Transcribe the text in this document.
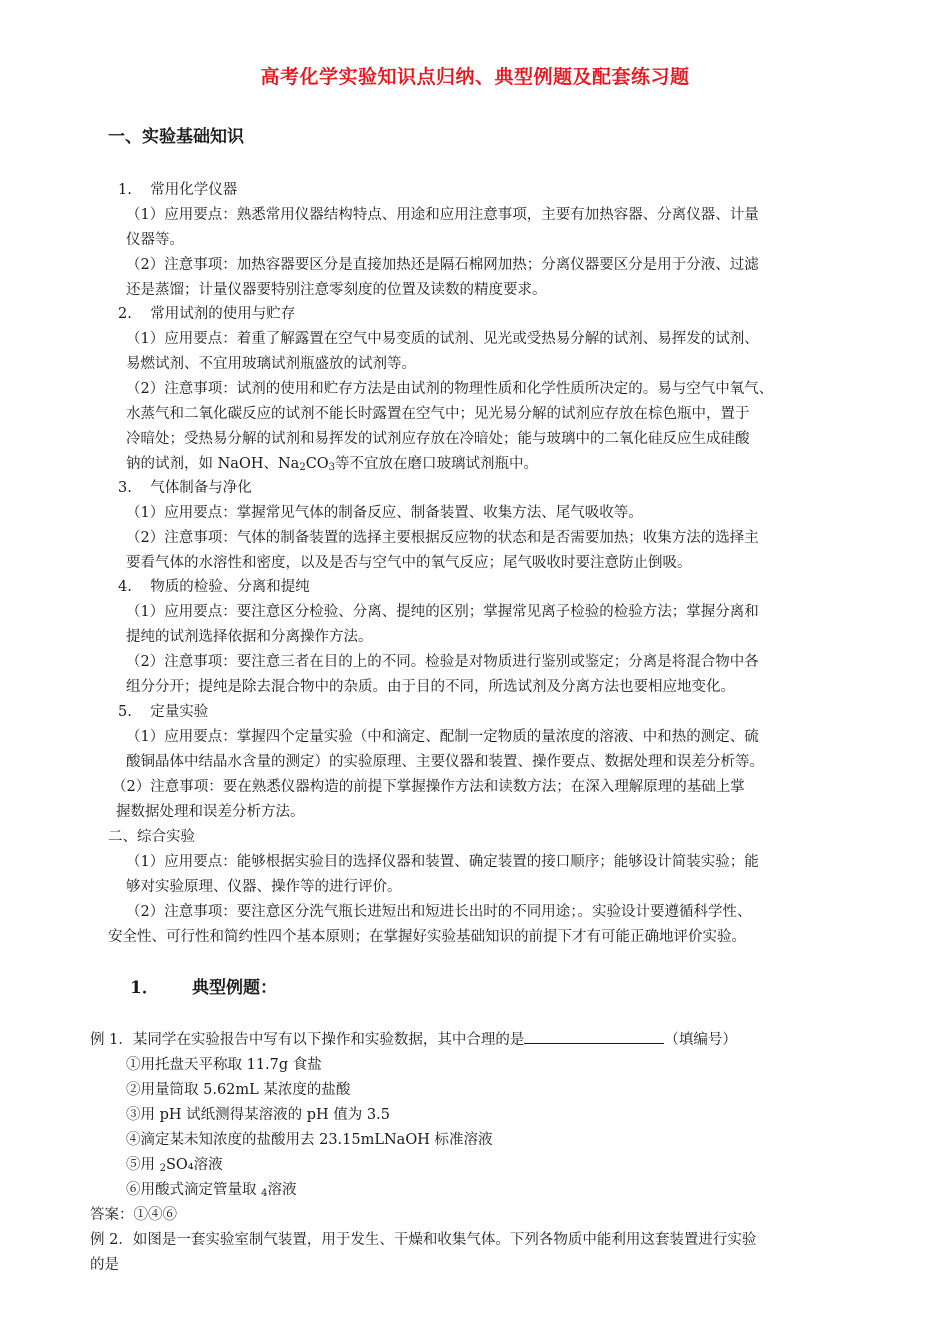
高考化学实验知识点归纳、典型例题及配套练习题
一、实验基础知识
1. 常用化学仪器
（1）应用要点：熟悉常用仪器结构特点、用途和应用注意事项，主要有加热容器、分离仪器、计量
仪器等。
（2）注意事项：加热容器要区分是直接加热还是隔石棉网加热；分离仪器要区分是用于分液、过滤
还是蒸馏；计量仪器要特别注意零刻度的位置及读数的精度要求。
2. 常用试剂的使用与贮存
（1）应用要点：着重了解露置在空气中易变质的试剂、见光或受热易分解的试剂、易挥发的试剂、
易燃试剂、不宜用玻璃试剂瓶盛放的试剂等。
（2）注意事项：试剂的使用和贮存方法是由试剂的物理性质和化学性质所决定的。易与空气中氧气、
水蒸气和二氧化碳反应的试剂不能长时露置在空气中；见光易分解的试剂应存放在棕色瓶中，置于
冷暗处；受热易分解的试剂和易挥发的试剂应存放在冷暗处；能与玻璃中的二氧化硅反应生成硅酸
钠的试剂，如 NaOH、$Na_2CO_3$等不宜放在磨口玻璃试剂瓶中。
3. 气体制备与净化
（1）应用要点：掌握常见气体的制备反应、制备装置、收集方法、尾气吸收等。
（2）注意事项：气体的制备装置的选择主要根据反应物的状态和是否需要加热；收集方法的选择主
要看气体的水溶性和密度，以及是否与空气中的氧气反应；尾气吸收时要注意防止倒吸。
4. 物质的检验、分离和提纯
（1）应用要点：要注意区分检验、分离、提纯的区别；掌握常见离子检验的检验方法；掌握分离和
提纯的试剂选择依据和分离操作方法。
（2）注意事项：要注意三者在目的上的不同。检验是对物质进行鉴别或鉴定；分离是将混合物中各
组分分开；提纯是除去混合物中的杂质。由于目的不同，所选试剂及分离方法也要相应地变化。
5. 定量实验
（1）应用要点：掌握四个定量实验（中和滴定、配制一定物质的量浓度的溶液、中和热的测定、硫
酸铜晶体中结晶水含量的测定）的实验原理、主要仪器和装置、操作要点、数据处理和误差分析等。
（2）注意事项：要在熟悉仪器构造的前提下掌握操作方法和读数方法；在深入理解原理的基础上掌
握数据处理和误差分析方法。
二、综合实验
（1）应用要点：能够根据实验目的选择仪器和装置、确定装置的接口顺序；能够设计简装实验；能
够对实验原理、仪器、操作等的进行评价。
（2）注意事项：要注意区分洗气瓶长进短出和短进长出时的不同用途；。实验设计要遵循科学性、
安全性、可行性和简约性四个基本原则；在掌握好实验基础知识的前提下才有可能正确地评价实验。
1． 典型例题：
例 1．某同学在实验报告中写有以下操作和实验数据，其中合理的是	（填编号）
①用托盘天平称取 11.7g 食盐
②用量筒取 5.62mL 某浓度的盐酸
③用 pH 试纸测得某溶液的 pH 值为 3.5
④滴定某未知浓度的盐酸用去 23.15mLNaOH 标准溶液
⑤用 $_2$SO₄溶液
⑥用酸式滴定管量取 $_4$溶液
答案：①④⑥
例 2．如图是一套实验室制气装置，用于发生、干燥和收集气体。下列各物质中能利用这套装置进行实验
的是
